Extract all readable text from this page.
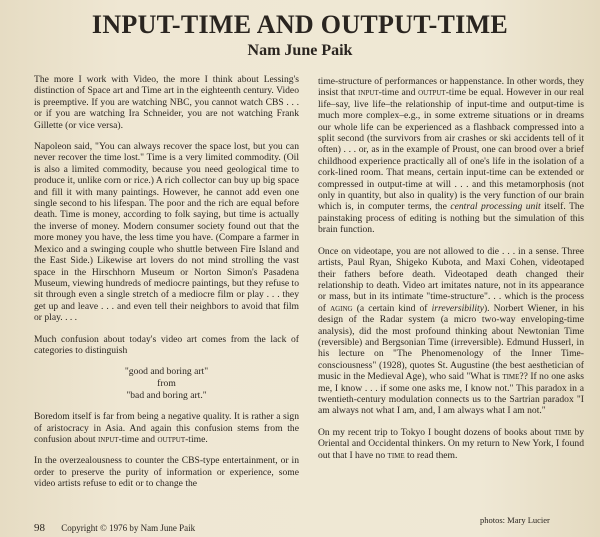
INPUT-TIME AND OUTPUT-TIME
Nam June Paik

The more I work with Video, the more I think about Lessing's distinction of Space art and Time art in the eighteenth century. Video is preemptive. If you are watching NBC, you cannot watch CBS . . . or if you are watching Ira Schneider, you are not watching Frank Gillette (or vice versa).

Napoleon said, "You can always recover the space lost, but you can never recover the time lost." Time is a very limited commodity. (Oil is also a limited commodity, because you need geological time to produce it, unlike corn or rice.) A rich collector can buy up big space and fill it with many paintings. However, he cannot add even one single second to his lifespan. The poor and the rich are equal before death. Time is money, according to folk saying, but time is actually the inverse of money. Modern consumer society found out that the more money you have, the less time you have. (Compare a farmer in Mexico and a swinging couple who shuttle between Fire Island and the East Side.) Likewise art lovers do not mind strolling the vast space in the Hirschhorn Museum or Norton Simon's Pasadena Museum, viewing hundreds of mediocre paintings, but they refuse to sit through even a single stretch of a mediocre film or play . . . they get up and leave . . . and even tell their neighbors to avoid that film or play. . . .

Much confusion about today's video art comes from the lack of categories to distinguish

"good and boring art"
from
"bad and boring art."

Boredom itself is far from being a negative quality. It is rather a sign of aristocracy in Asia. And again this confusion stems from the confusion about input-time and output-time.

In the overzealousness to counter the CBS-type entertainment, or in order to preserve the purity of information or experience, some video artists refuse to edit or to change the

time-structure of performances or happenstance. In other words, they insist that input-time and output-time be equal. However in our real life–say, live life–the relationship of input-time and output-time is much more complex–e.g., in some extreme situations or in dreams our whole life can be experienced as a flashback compressed into a split second (the survivors from air crashes or ski accidents tell of it often) . . . or, as in the example of Proust, one can brood over a brief childhood experience practically all of one's life in the isolation of a cork-lined room. That means, certain input-time can be extended or compressed in output-time at will . . . and this metamorphosis (not only in quantity, but also in quality) is the very function of our brain which is, in computer terms, the central processing unit itself. The painstaking process of editing is nothing but the simulation of this brain function.

Once on videotape, you are not allowed to die . . . in a sense. Three artists, Paul Ryan, Shigeko Kubota, and Maxi Cohen, videotaped their fathers before death. Videotaped death changed their relationship to death. Video art imitates nature, not in its appearance or mass, but in its intimate "time-structure". . . which is the process of aging (a certain kind of irreversibility). Norbert Wiener, in his design of the Radar system (a micro two-way enveloping-time analysis), did the most profound thinking about Newtonian Time (reversible) and Bergsonian Time (irreversible). Edmund Husserl, in his lecture on "The Phenomenology of the Inner Time-consciousness" (1928), quotes St. Augustine (the best aesthetician of music in the Medieval Age), who said "What is time?? If no one asks me, I know . . . if some one asks me, I know not." This paradox in a twentieth-century modulation connects us to the Sartrian paradox "I am always not what I am, and, I am always what I am not."

On my recent trip to Tokyo I bought dozens of books about time by Oriental and Occidental thinkers. On my return to New York, I found out that I have no time to read them.

98 Copyright © 1976 by Nam June Paik
photos: Mary Lucier
